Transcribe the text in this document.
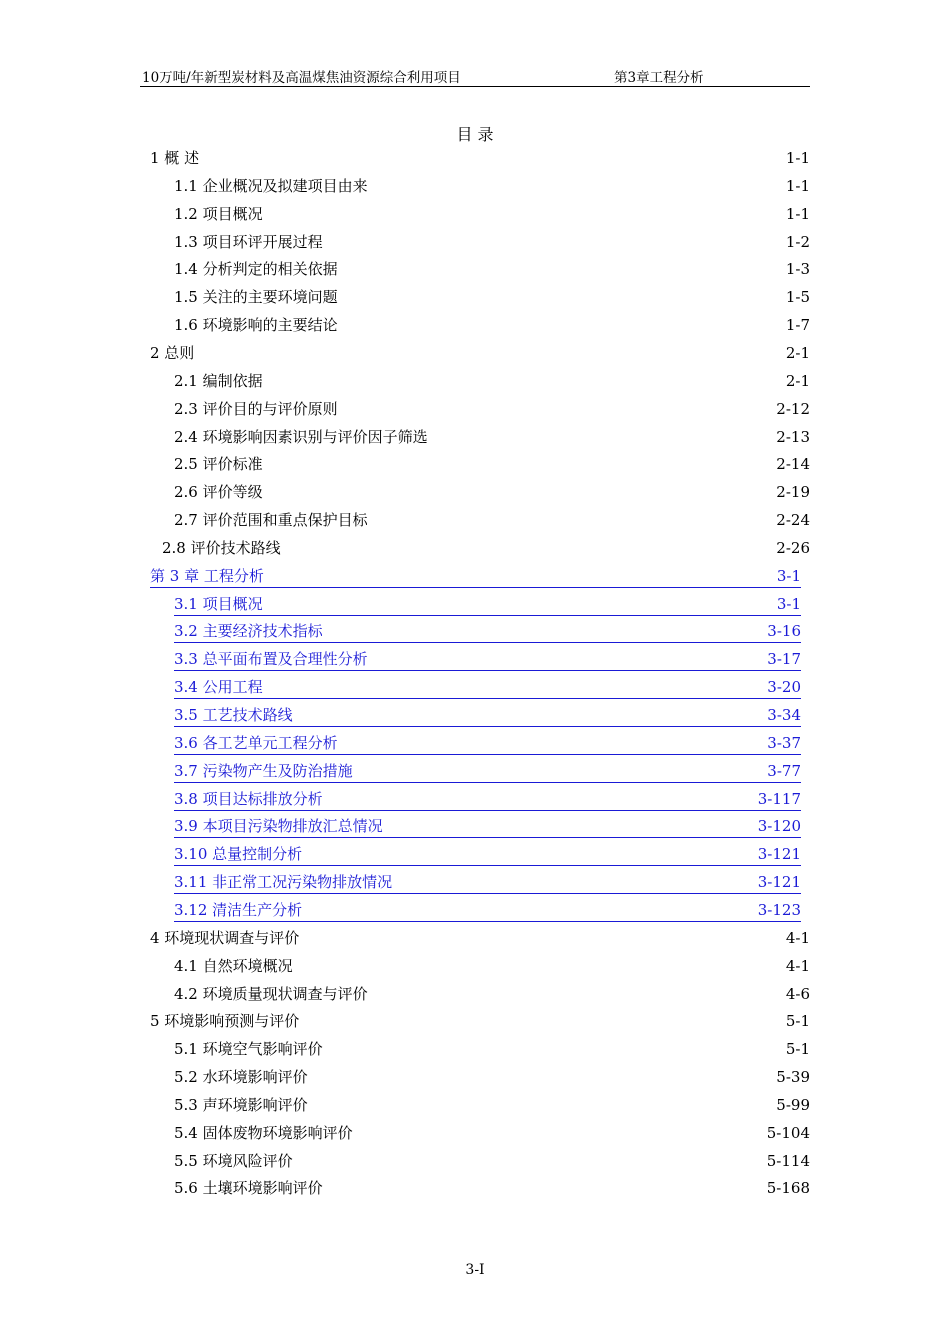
10万吨/年新型炭材料及高温煤焦油资源综合利用项目	第3章工程分析
目 录
1 概 述	1-1
1.1 企业概况及拟建项目由来	1-1
1.2 项目概况	1-1
1.3 项目环评开展过程	1-2
1.4 分析判定的相关依据	1-3
1.5 关注的主要环境问题	1-5
1.6 环境影响的主要结论	1-7
2 总则	2-1
2.1 编制依据	2-1
2.3 评价目的与评价原则	2-12
2.4 环境影响因素识别与评价因子筛选	2-13
2.5 评价标准	2-14
2.6 评价等级	2-19
2.7 评价范围和重点保护目标	2-24
2.8 评价技术路线	2-26
第 3 章 工程分析	3-1
3.1 项目概况	3-1
3.2 主要经济技术指标	3-16
3.3 总平面布置及合理性分析	3-17
3.4 公用工程	3-20
3.5 工艺技术路线	3-34
3.6 各工艺单元工程分析	3-37
3.7 污染物产生及防治措施	3-77
3.8 项目达标排放分析	3-117
3.9 本项目污染物排放汇总情况	3-120
3.10 总量控制分析	3-121
3.11 非正常工况污染物排放情况	3-121
3.12 清洁生产分析	3-123
4 环境现状调查与评价	4-1
4.1 自然环境概况	4-1
4.2 环境质量现状调查与评价	4-6
5 环境影响预测与评价	5-1
5.1 环境空气影响评价	5-1
5.2 水环境影响评价	5-39
5.3 声环境影响评价	5-99
5.4 固体废物环境影响评价	5-104
5.5 环境风险评价	5-114
5.6 土壤环境影响评价	5-168
3-I
